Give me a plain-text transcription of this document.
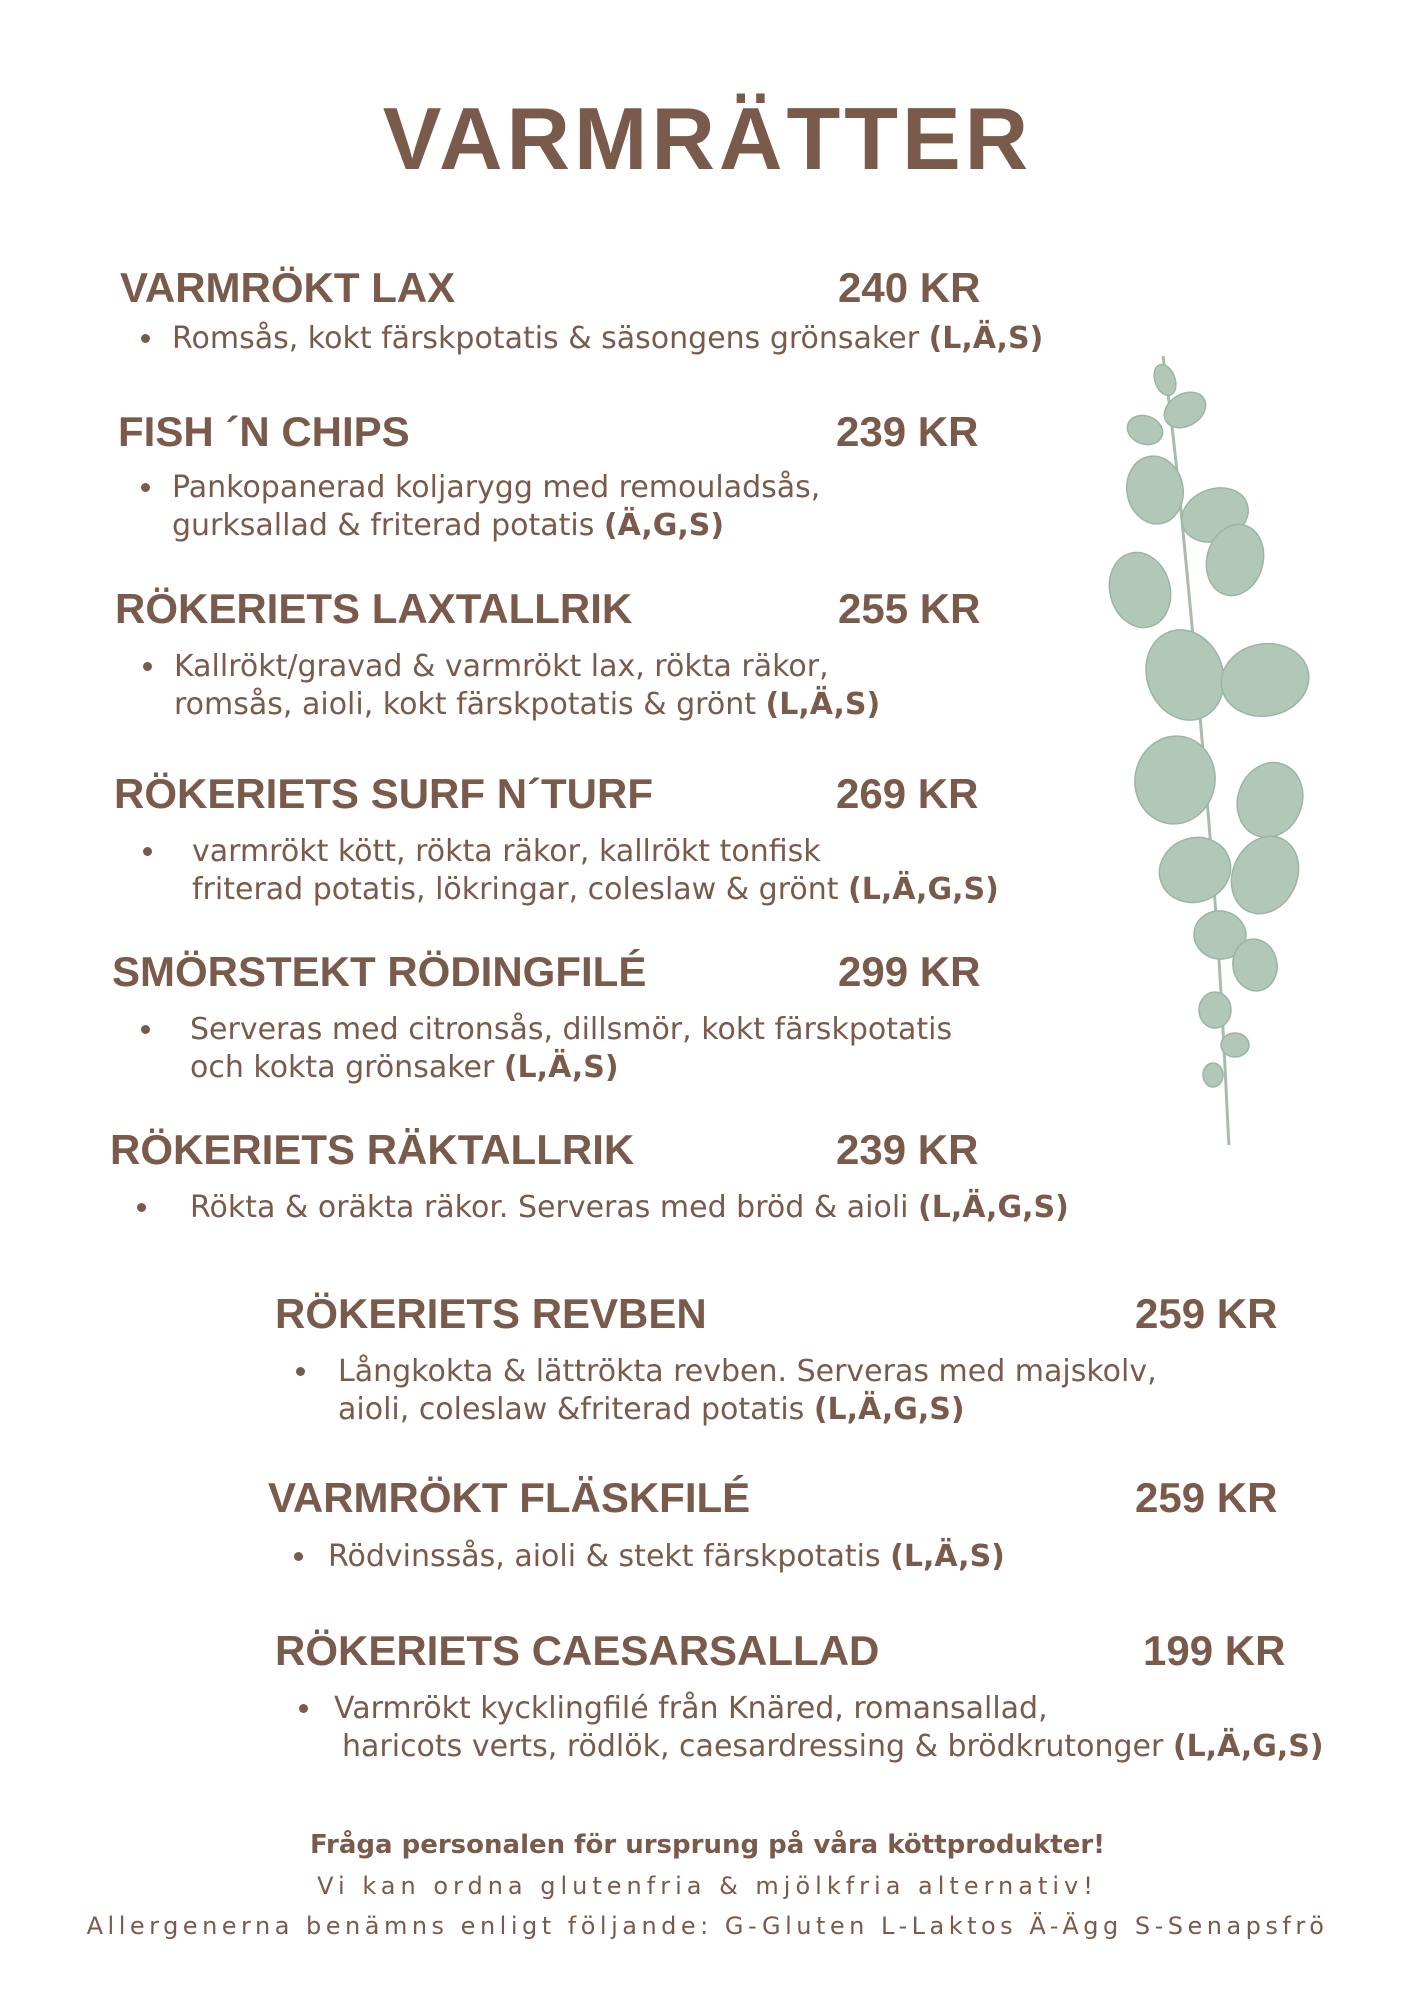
VARMRÄTTER
VARMRÖKT LAX	240 KR
Romsås, kokt färskpotatis & säsongens grönsaker (L,Ä,S)
FISH ´N CHIPS	239 KR
Pankopanerad koljarygg med remouladsås,
gurksallad & friterad potatis (Ä,G,S)
RÖKERIETS LAXTALLRIK	255 KR
Kallrökt/gravad & varmrökt lax, rökta räkor,
romsås, aioli, kokt färskpotatis & grönt (L,Ä,S)
RÖKERIETS SURF N´TURF	269 KR
varmrökt kött, rökta räkor, kallrökt tonfisk
friterad potatis, lökringar, coleslaw & grönt (L,Ä,G,S)
SMÖRSTEKT RÖDINGFILÉ	299 KR
Serveras med citronsås, dillsmör, kokt färskpotatis
och kokta grönsaker (L,Ä,S)
RÖKERIETS RÄKTALLRIK	239 KR
Rökta & oräkta räkor. Serveras med bröd & aioli (L,Ä,G,S)
RÖKERIETS REVBEN	259 KR
Långkokta & lättrökta revben. Serveras med majskolv,
aioli, coleslaw &friterad potatis (L,Ä,G,S)
VARMRÖKT FLÄSKFILÉ	259 KR
Rödvinssås, aioli & stekt färskpotatis (L,Ä,S)
RÖKERIETS CAESARSALLAD	199 KR
Varmrökt kycklingfilé från Knäred, romansallad,
haricots verts, rödlök, caesardressing & brödkrutonger (L,Ä,G,S)
Fråga personalen för ursprung på våra köttprodukter!
Vi kan ordna glutenfria & mjölkfria alternativ!
Allergenerna benämns enligt följande: G-Gluten L-Laktos Ä-Ägg S-Senapsfrö
